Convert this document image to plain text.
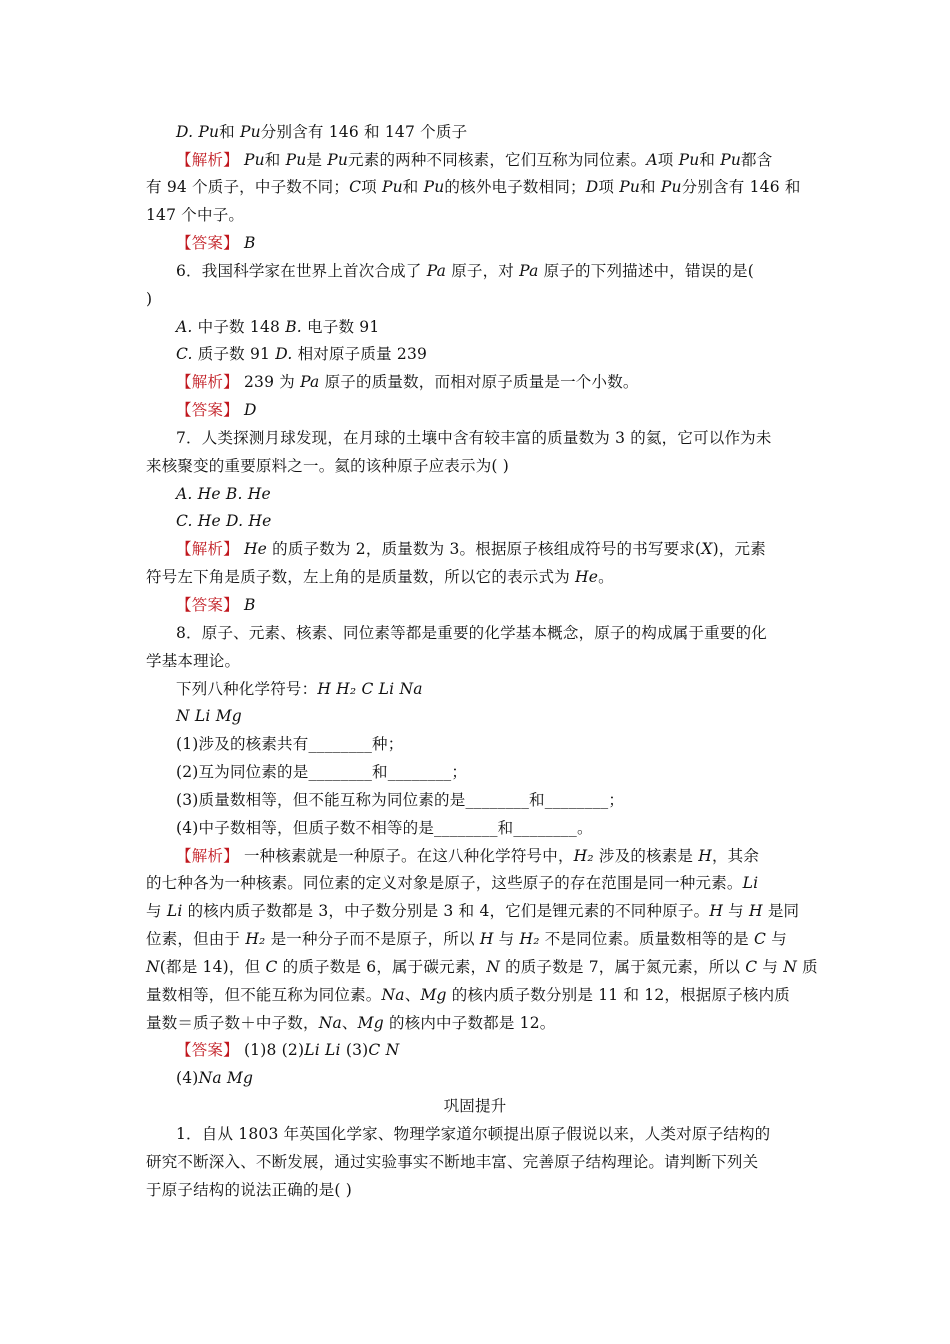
D. Pu和 Pu分别含有 146 和 147 个质子
【解析】 Pu和 Pu是 Pu元素的两种不同核素，它们互称为同位素。A项 Pu和 Pu都含
有 94 个质子，中子数不同；C项 Pu和 Pu的核外电子数相同；D项 Pu和 Pu分别含有 146 和
147 个中子。
【答案】 B
6．我国科学家在世界上首次合成了 Pa 原子，对 Pa 原子的下列描述中，错误的是(
)
A. 中子数 148 B. 电子数 91
C. 质子数 91 D. 相对原子质量 239
【解析】 239 为 Pa 原子的质量数，而相对原子质量是一个小数。
【答案】 D
7．人类探测月球发现，在月球的土壤中含有较丰富的质量数为 3 的氦，它可以作为未
来核聚变的重要原料之一。氦的该种原子应表示为( )
A. He B. He
C. He D. He
【解析】 He 的质子数为 2，质量数为 3。根据原子核组成符号的书写要求(X)，元素
符号左下角是质子数，左上角的是质量数，所以它的表示式为 He。
【答案】 B
8．原子、元素、核素、同位素等都是重要的化学基本概念，原子的构成属于重要的化
学基本理论。
下列八种化学符号：H H₂ C Li Na
N Li Mg
(1)涉及的核素共有________种；
(2)互为同位素的是________和________；
(3)质量数相等，但不能互称为同位素的是________和________；
(4)中子数相等，但质子数不相等的是________和________。
【解析】 一种核素就是一种原子。在这八种化学符号中，H₂ 涉及的核素是 H，其余
的七种各为一种核素。同位素的定义对象是原子，这些原子的存在范围是同一种元素。Li
与 Li 的核内质子数都是 3，中子数分别是 3 和 4，它们是锂元素的不同种原子。H 与 H 是同
位素，但由于 H₂ 是一种分子而不是原子，所以 H 与 H₂ 不是同位素。质量数相等的是 C 与
N(都是 14)，但 C 的质子数是 6，属于碳元素，N 的质子数是 7，属于氮元素，所以 C 与 N 质
量数相等，但不能互称为同位素。Na、Mg 的核内质子数分别是 11 和 12，根据原子核内质
量数＝质子数＋中子数，Na、Mg 的核内中子数都是 12。
【答案】 (1)8 (2)Li Li (3)C N
(4)Na Mg
巩固提升
1．自从 1803 年英国化学家、物理学家道尔顿提出原子假说以来，人类对原子结构的
研究不断深入、不断发展，通过实验事实不断地丰富、完善原子结构理论。请判断下列关
于原子结构的说法正确的是( )
